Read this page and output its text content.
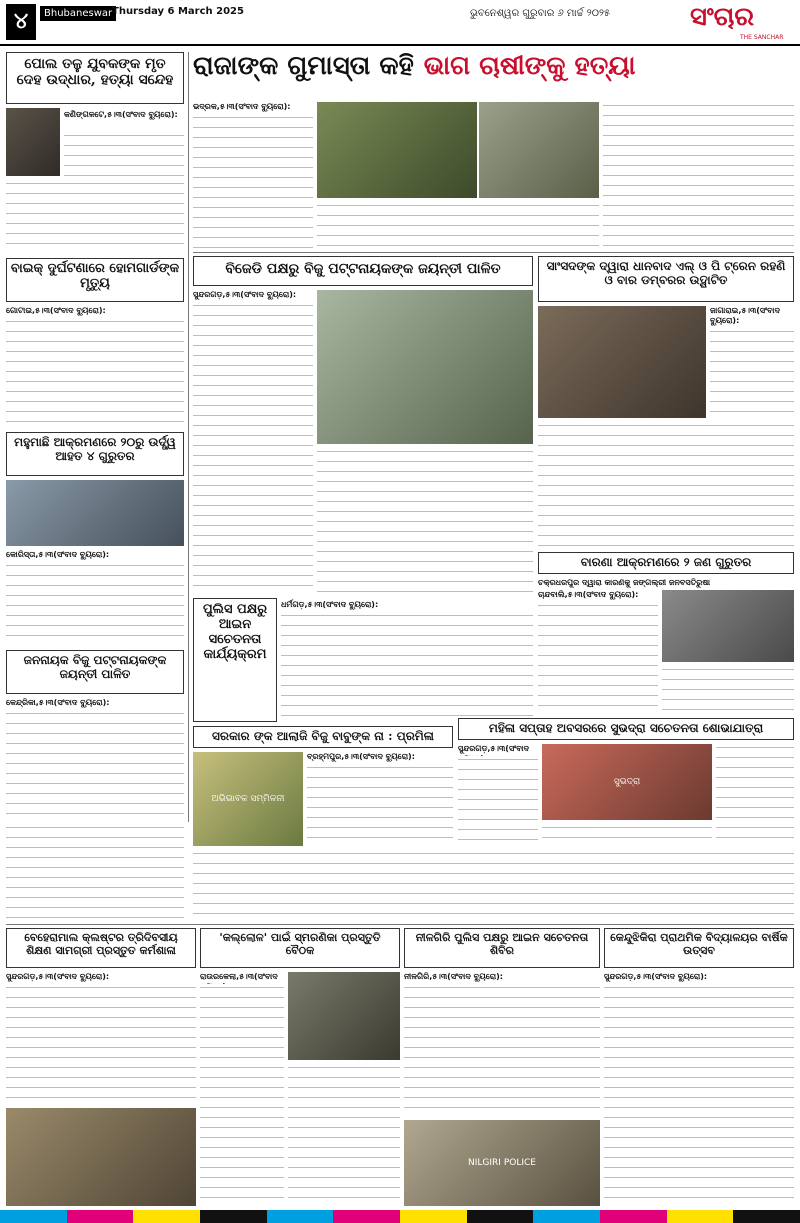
୪	Bhubaneswar Thursday 6 March 2025	ଭୁବନେଶ୍ୱର ଗୁରୁବାର ୬ ମାର୍ଚ୍ଚ ୨୦୨୫	ସଂଚାର
THE SANCHAR
ପୋଲ ତଳୁ ଯୁବକଙ୍କ ମୃତ ଦେହ ଉଦ୍ଧାର, ହତ୍ୟା ସନ୍ଦେହ
କଣିଙ୍ଗଳଟେ,୫।୩(ସଂବାଦ ବ୍ୟୁରୋ):
ବାଇକ୍ ଦୁର୍ଘଟଣାରେ ହୋମଗାର୍ଡଙ୍କ ମୃତ୍ୟୁ
ଗୋଟାଇ,୫।୩(ସଂବାଦ ବ୍ୟୁରୋ):
ମହୁମାଛି ଆକ୍ରମଣରେ ୨୦ରୁ ଉର୍ଦ୍ଧ୍ୱ ଆହତ ୪ ଗୁରୁତର
କୋରିସ୍ତା,୫।୩(ସଂବାଦ ବ୍ୟୁରୋ):
ଜନନାୟକ ବିଜୁ ପଟ୍ଟନାୟକଙ୍କ ଜୟନ୍ତୀ ପାଳିତ
କେନ୍ଦ୍ରିକା,୫।୩(ସଂବାଦ ବ୍ୟୁରୋ):
ରାଜାଙ୍କ ଗୁମାସ୍ତା କହି ଭାଗ ଚାଷୀଙ୍କୁ ହତ୍ୟା
ଭଦ୍ରକ,୫।୩(ସଂବାଦ ବ୍ୟୁରୋ):
ବିଜେଡି ପକ୍ଷରୁ ବିଜୁ ପଟ୍ଟନାୟକଙ୍କ ଜୟନ୍ତୀ ପାଳିତ
ସୁନ୍ଦରଗଡ଼,୫।୩(ସଂବାଦ ବ୍ୟୁରୋ):
ସାଂସଦଙ୍କ ଦ୍ୱାରା ଧାନବାଦ ଏଲ୍ ଓ ପି ଟ୍ରେନ ରହଣି ଓ ବାର ଡମ୍ବରର ଉଦ୍ଘାଟିତ
ଜାଗାରାଇ,୫।୩(ସଂବାଦ ବ୍ୟୁରୋ):
ବାରଣା ଆକ୍ରମଣରେ ୨ ଜଣ ଗୁରୁତର
ଚକ୍ରଧରପୁର ଦ୍ୱାରା କାରଣକୁ ଜଙ୍ଗଲ୍ରୀ ଜନବସତିରୁଷା
ଚାନ୍ଦବାଲି,୫।୩(ସଂବାଦ ବ୍ୟୁରୋ):
ପୁଲିସ ପକ୍ଷରୁ ଆଇନ ସଚେତନତା କାର୍ଯ୍ୟକ୍ରମ
ଧର୍ମଗଡ଼,୫।୩(ସଂବାଦ ବ୍ୟୁରୋ):
ସରକାର ଙ୍କ ଆଲାଜି ବିଜୁ ବାବୁଙ୍କ ନା : ପ୍ରମିଳା
ଅଭିଭାବକ ସମ୍ମିଳନୀ
ବ୍ରହ୍ମପୁର,୫।୩(ସଂବାଦ ବ୍ୟୁରୋ):
ମହିଳା ସପ୍ତାହ ଅବସରରେ ସୁଭଦ୍ରା ସଚେତନତା ଶୋଭାଯାତ୍ରା
ସୁନ୍ଦରଗଡ଼,୫।୩(ସଂବାଦ
ସୁଭଦ୍ରା
ବେହେରାମାଲ କ୍ଲଷ୍ଟର ତ୍ରିଦିବସୀୟ ଶିକ୍ଷଣ ସାମଗ୍ରୀ ପ୍ରସ୍ତୁତ କର୍ମଶାଳା
ସୁନ୍ଦରଗଡ଼,୫।୩(ସଂବାଦ ବ୍ୟୁରୋ):
'କଲ୍ଲୋଳ' ପାଇଁ ସ୍ମରଣିକା ପ୍ରସ୍ତୁତି ବୈଠକ
ରାଉରକେଲା,୫।୩(ସଂବାଦ
ନୀଳଗିରି ପୁଲିସ ପକ୍ଷରୁ ଆଇନ ସଚେତନତା ଶିବିର
ନୀଳଗିରି,୫।୩(ସଂବାଦ ବ୍ୟୁରୋ):
NILGIRI POLICE
କେନ୍ଦୁଝିକିରା ପ୍ରାଥମିକ ବିଦ୍ୟାଳୟର ବାର୍ଷିକ ଉତ୍ସବ
ସୁନ୍ଦରଗଡ଼,୫।୩(ସଂବାଦ ବ୍ୟୁରୋ):
